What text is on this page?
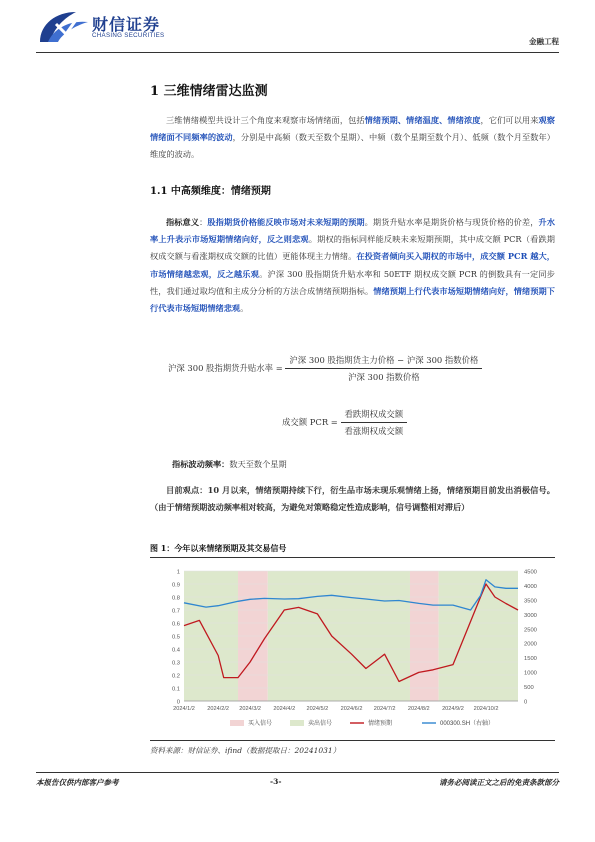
财信证券
CHASING SECURITIES
金融工程
1 三维情绪雷达监测
三维情绪模型共设计三个角度来观察市场情绪面，包括情绪预期、情绪温度、情绪浓度，它们可以用来观察情绪面不同频率的波动，分别是中高频（数天至数个星期）、中频（数个星期至数个月）、低频（数个月至数年）维度的波动。
1.1 中高频维度：情绪预期
指标意义：股指期货价格能反映市场对未来短期的预期。期货升贴水率是期货价格与现货价格的价差，升水率上升表示市场短期情绪向好，反之则悲观。期权的指标同样能反映未来短期预期，其中成交额 PCR（看跌期权成交额与看涨期权成交额的比值）更能体现主力情绪。在投资者倾向买入期权的市场中，成交额 PCR 越大，市场情绪越悲观，反之越乐观。沪深 300 股指期货升贴水率和 50ETF 期权成交额 PCR 的倒数具有一定同步性，我们通过取均值和主成分分析的方法合成情绪预期指标。情绪预期上行代表市场短期情绪向好，情绪预期下行代表市场短期情绪悲观。
沪深 300 股指期货升贴水率 = $\frac{\text{沪深 300 股指期货主力价格 − 沪深 300 指数价格}}{\text{沪深 300 指数价格}}$
成交额 PCR = $\frac{\text{看跌期权成交额}}{\text{看涨期权成交额}}$
指标波动频率：数天至数个星期
目前观点：10 月以来，情绪预期持续下行，衍生品市场未现乐观情绪上扬，情绪预期目前发出消极信号。（由于情绪预期波动频率相对较高，为避免对策略稳定性造成影响，信号调整相对滞后）
图 1：今年以来情绪预期及其交易信号
0
0.1
0.2
0.3
0.4
0.5
0.6
0.7
0.8
0.9
1
0
500
1000
1500
2000
2500
3000
3500
4000
4500
2024/1/2 2024/2/2 2024/3/2 2024/4/2 2024/5/2 2024/6/2 2024/7/2 2024/8/2 2024/9/2 2024/10/2
买入信号	卖出信号	情绪预期	000300.SH（右轴）
资料来源：财信证券、ifind（数据提取日：20241031）
本报告仅供内部客户参考	-3-	请务必阅读正文之后的免责条款部分
